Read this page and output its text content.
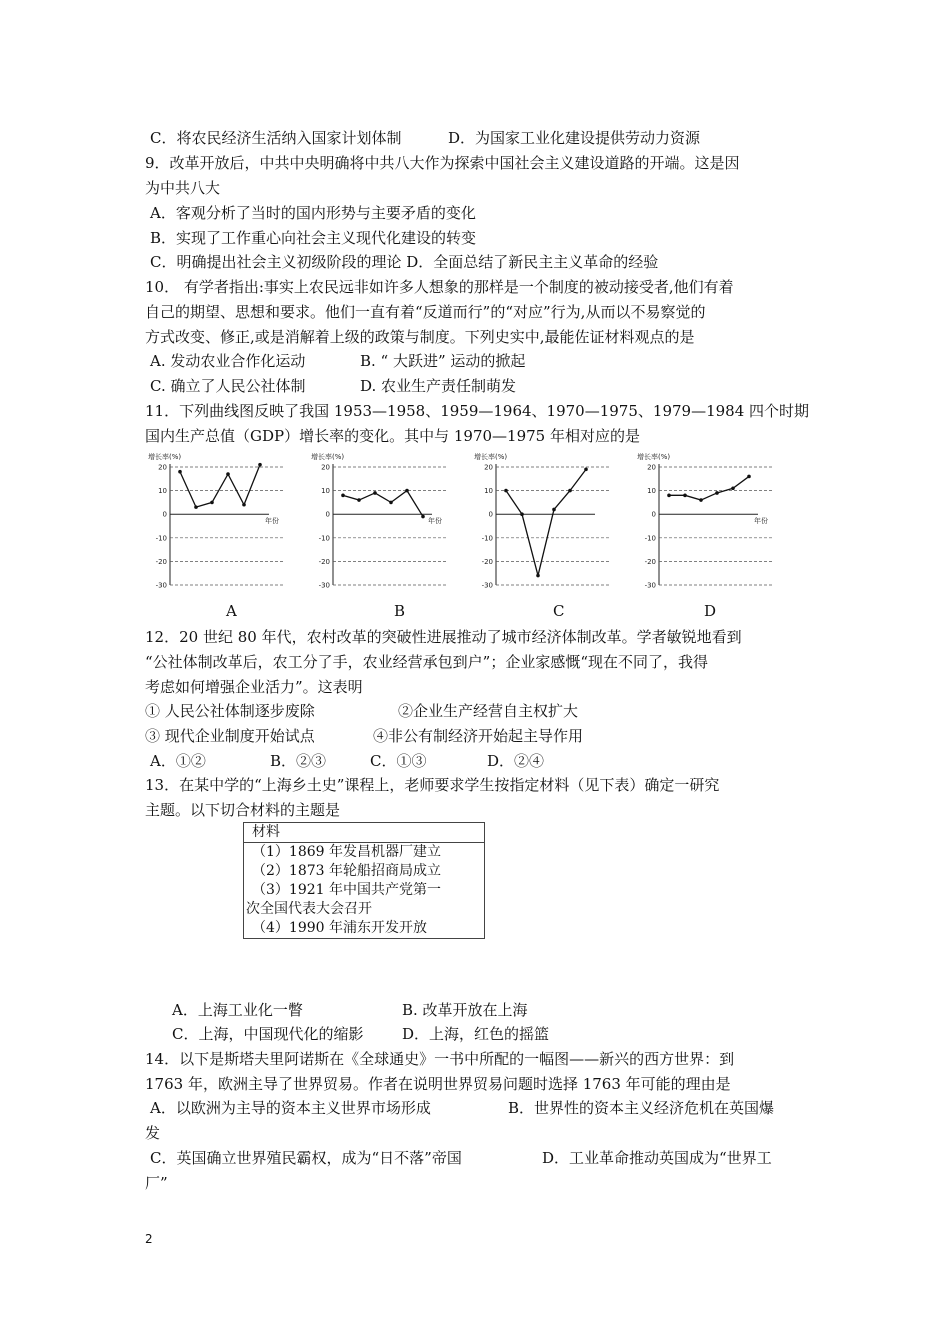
C．将农民经济生活纳入国家计划体制	D．为国家工业化建设提供劳动力资源
9．改革开放后，中共中央明确将中共八大作为探索中国社会主义建设道路的开端。这是因
为中共八大
A．客观分析了当时的国内形势与主要矛盾的变化
B．实现了工作重心向社会主义现代化建设的转变
C．明确提出社会主义初级阶段的理论 D．全面总结了新民主主义革命的经验
10． 有学者指出:事实上农民远非如许多人想象的那样是一个制度的被动接受者,他们有着
自己的期望、思想和要求。他们一直有着“反道而行”的“对应”行为,从而以不易察觉的
方式改变、修正,或是消解着上级的政策与制度。下列史实中,最能佐证材料观点的是
A. 发动农业合作化运动	B. “ 大跃进” 运动的掀起
C. 确立了人民公社体制	D. 农业生产责任制萌发
11．下列曲线图反映了我国 1953—1958、1959—1964、1970—1975、1979—1984 四个时期
国内生产总值（GDP）增长率的变化。其中与 1970—1975 年相对应的是
增长率(%)
20
10
0
-10
-20
-30
年份
增长率(%)
20
10
0
-10
-20
-30
年份
增长率(%)
20
10
0
-10
-20
-30
增长率(%)
20
10
0
-10
-20
-30
年份
A	B	C	D
12．20 世纪 80 年代，农村改革的突破性进展推动了城市经济体制改革。学者敏锐地看到
“公社体制改革后，农工分了手，农业经营承包到户”；企业家感慨“现在不同了，我得
考虑如何增强企业活力”。这表明
① 人民公社体制逐步废除	②企业生产经营自主权扩大
③ 现代企业制度开始试点	④非公有制经济开始起主导作用
A．①②	B．②③	C．①③	D．②④
13．在某中学的“上海乡土史”课程上，老师要求学生按指定材料（见下表）确定一研究
主题。以下切合材料的主题是
材料

（1）1869 年发昌机器厂建立
（2）1873 年轮船招商局成立
（3）1921 年中国共产党第一
次全国代表大会召开
（4）1990 年浦东开发开放
A．上海工业化一瞥	B. 改革开放在上海
C．上海，中国现代化的缩影	D．上海，红色的摇篮
14．以下是斯塔夫里阿诺斯在《全球通史》一书中所配的一幅图——新兴的西方世界：到
1763 年，欧洲主导了世界贸易。作者在说明世界贸易问题时选择 1763 年可能的理由是
A．以欧洲为主导的资本主义世界市场形成	B．世界性的资本主义经济危机在英国爆
发
C．英国确立世界殖民霸权，成为“日不落”帝国	D．工业革命推动英国成为“世界工
厂”
2
